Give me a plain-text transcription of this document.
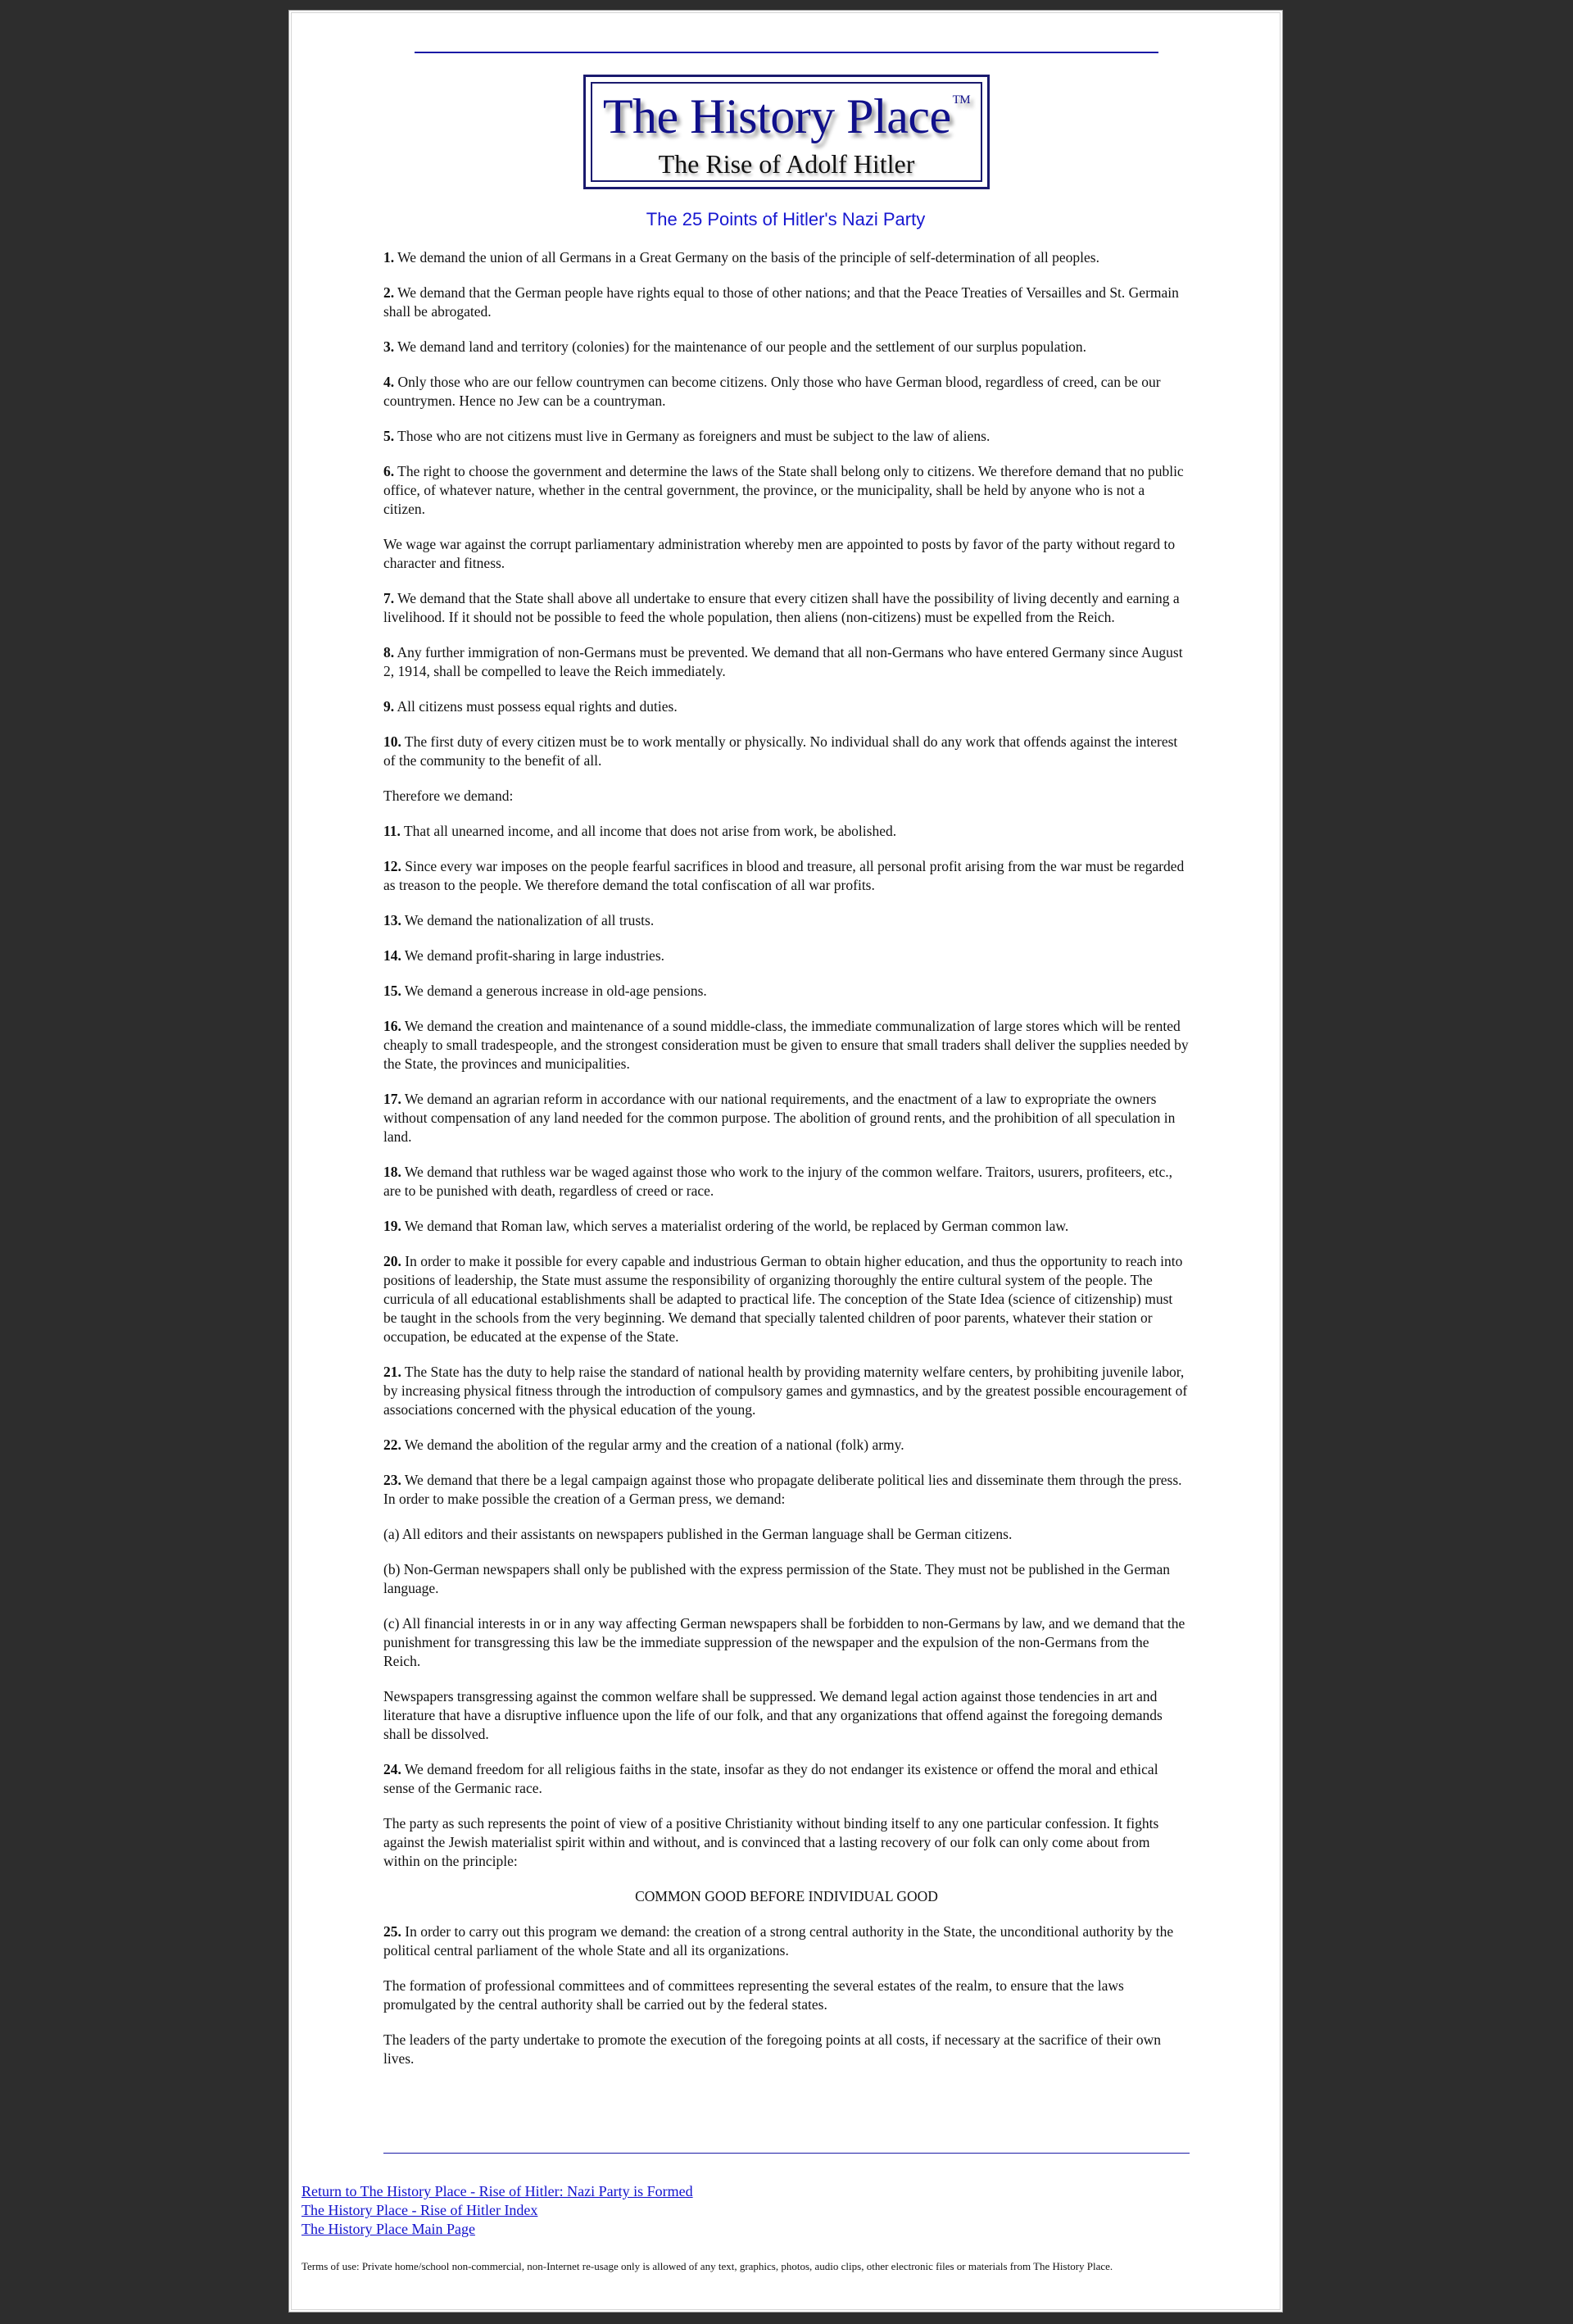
The History Place ™
The Rise of Adolf Hitler
The 25 Points of Hitler's Nazi Party

1. We demand the union of all Germans in a Great Germany on the basis of the principle of self-determination of all peoples.

2. We demand that the German people have rights equal to those of other nations; and that the Peace Treaties of Versailles and St. Germain shall be abrogated.

3. We demand land and territory (colonies) for the maintenance of our people and the settlement of our surplus population.

4. Only those who are our fellow countrymen can become citizens. Only those who have German blood, regardless of creed, can be our countrymen. Hence no Jew can be a countryman.

5. Those who are not citizens must live in Germany as foreigners and must be subject to the law of aliens.

6. The right to choose the government and determine the laws of the State shall belong only to citizens. We therefore demand that no public office, of whatever nature, whether in the central government, the province, or the municipality, shall be held by anyone who is not a citizen.

We wage war against the corrupt parliamentary administration whereby men are appointed to posts by favor of the party without regard to character and fitness.

7. We demand that the State shall above all undertake to ensure that every citizen shall have the possibility of living decently and earning a livelihood. If it should not be possible to feed the whole population, then aliens (non-citizens) must be expelled from the Reich.

8. Any further immigration of non-Germans must be prevented. We demand that all non-Germans who have entered Germany since August 2, 1914, shall be compelled to leave the Reich immediately.

9. All citizens must possess equal rights and duties.

10. The first duty of every citizen must be to work mentally or physically. No individual shall do any work that offends against the interest of the community to the benefit of all.

Therefore we demand:

11. That all unearned income, and all income that does not arise from work, be abolished.

12. Since every war imposes on the people fearful sacrifices in blood and treasure, all personal profit arising from the war must be regarded as treason to the people. We therefore demand the total confiscation of all war profits.

13. We demand the nationalization of all trusts.

14. We demand profit-sharing in large industries.

15. We demand a generous increase in old-age pensions.

16. We demand the creation and maintenance of a sound middle-class, the immediate communalization of large stores which will be rented cheaply to small tradespeople, and the strongest consideration must be given to ensure that small traders shall deliver the supplies needed by the State, the provinces and municipalities.

17. We demand an agrarian reform in accordance with our national requirements, and the enactment of a law to expropriate the owners without compensation of any land needed for the common purpose. The abolition of ground rents, and the prohibition of all speculation in land.

18. We demand that ruthless war be waged against those who work to the injury of the common welfare. Traitors, usurers, profiteers, etc., are to be punished with death, regardless of creed or race.

19. We demand that Roman law, which serves a materialist ordering of the world, be replaced by German common law.

20. In order to make it possible for every capable and industrious German to obtain higher education, and thus the opportunity to reach into positions of leadership, the State must assume the responsibility of organizing thoroughly the entire cultural system of the people. The curricula of all educational establishments shall be adapted to practical life. The conception of the State Idea (science of citizenship) must be taught in the schools from the very beginning. We demand that specially talented children of poor parents, whatever their station or occupation, be educated at the expense of the State.

21. The State has the duty to help raise the standard of national health by providing maternity welfare centers, by prohibiting juvenile labor, by increasing physical fitness through the introduction of compulsory games and gymnastics, and by the greatest possible encouragement of associations concerned with the physical education of the young.

22. We demand the abolition of the regular army and the creation of a national (folk) army.

23. We demand that there be a legal campaign against those who propagate deliberate political lies and disseminate them through the press. In order to make possible the creation of a German press, we demand:

(a) All editors and their assistants on newspapers published in the German language shall be German citizens.

(b) Non-German newspapers shall only be published with the express permission of the State. They must not be published in the German language.

(c) All financial interests in or in any way affecting German newspapers shall be forbidden to non-Germans by law, and we demand that the punishment for transgressing this law be the immediate suppression of the newspaper and the expulsion of the non-Germans from the Reich.

Newspapers transgressing against the common welfare shall be suppressed. We demand legal action against those tendencies in art and literature that have a disruptive influence upon the life of our folk, and that any organizations that offend against the foregoing demands shall be dissolved.

24. We demand freedom for all religious faiths in the state, insofar as they do not endanger its existence or offend the moral and ethical sense of the Germanic race.

The party as such represents the point of view of a positive Christianity without binding itself to any one particular confession. It fights against the Jewish materialist spirit within and without, and is convinced that a lasting recovery of our folk can only come about from within on the principle:

COMMON GOOD BEFORE INDIVIDUAL GOOD

25. In order to carry out this program we demand: the creation of a strong central authority in the State, the unconditional authority by the political central parliament of the whole State and all its organizations.

The formation of professional committees and of committees representing the several estates of the realm, to ensure that the laws promulgated by the central authority shall be carried out by the federal states.

The leaders of the party undertake to promote the execution of the foregoing points at all costs, if necessary at the sacrifice of their own lives.

Return to The History Place - Rise of Hitler: Nazi Party is Formed
The History Place - Rise of Hitler Index
The History Place Main Page
Terms of use: Private home/school non-commercial, non-Internet re-usage only is allowed of any text, graphics, photos, audio clips, other electronic files or materials from The History Place.
